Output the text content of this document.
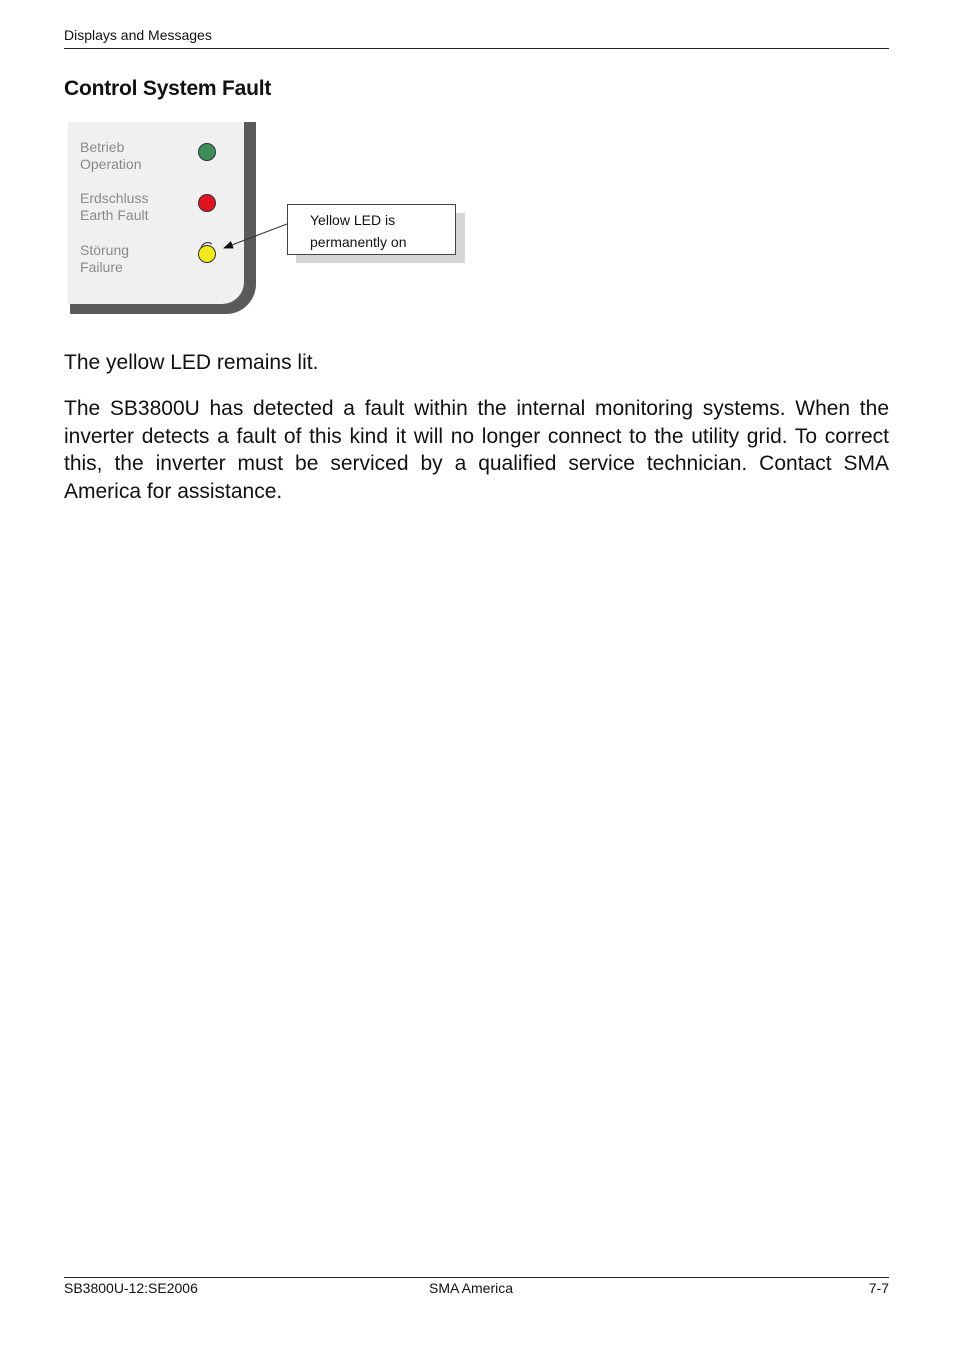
Displays and Messages
Control System Fault
Betrieb
Operation
Erdschluss
Earth Fault
Störung
Failure
Yellow LED is
permanently on
The yellow LED remains lit.
The SB3800U has detected a fault within the internal monitoring systems. When the inverter detects a fault of this kind it will no longer connect to the utility grid. To correct this, the inverter must be serviced by a qualified service technician. Contact SMA America for assistance.
SB3800U-12:SE2006	SMA America	7-7
